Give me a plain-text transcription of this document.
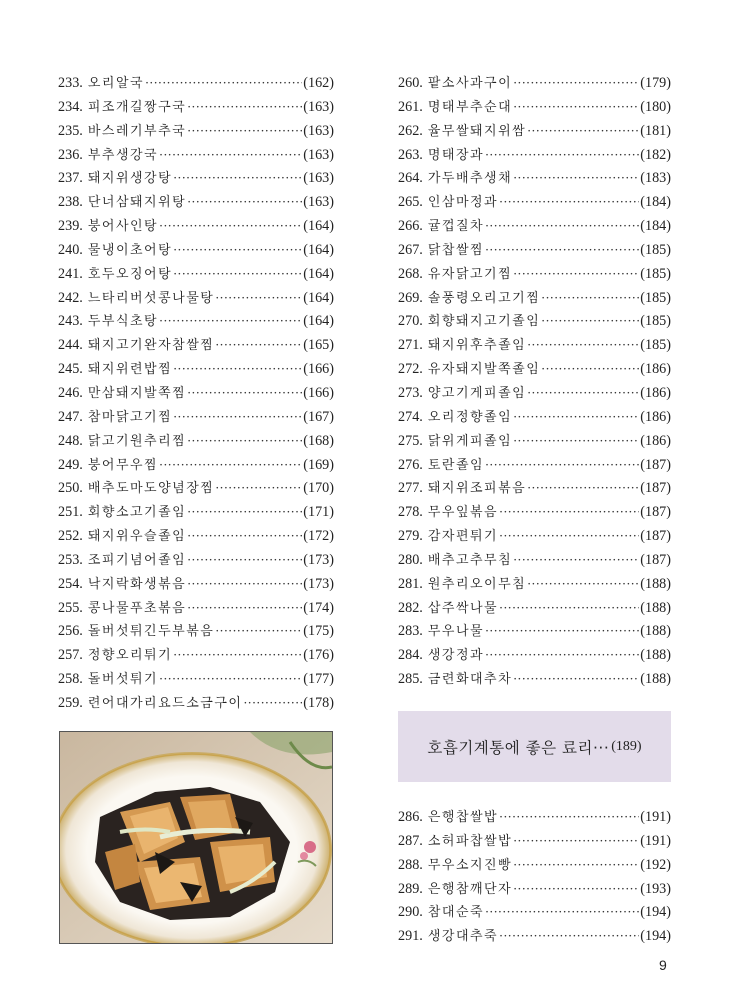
233. 오리알국 ·····	(162)
234. 피조개길짱구국 ·····	(163)
235. 바스레기부추국 ·····	(163)
236. 부추생강국 ·····	(163)
237. 돼지위생강탕 ·····	(163)
238. 단너삼돼지위탕 ·····	(163)
239. 붕어사인탕 ·····	(164)
240. 물냉이초어탕 ·····	(164)
241. 호두오징어탕 ·····	(164)
242. 느타리버섯콩나물탕 ·····	(164)
243. 두부식초탕 ·····	(164)
244. 돼지고기완자참쌀찜 ·····	(165)
245. 돼지위련밥찜 ·····	(166)
246. 만삼돼지발쪽찜 ·····	(166)
247. 참마닭고기찜 ·····	(167)
248. 닭고기원추리찜 ·····	(168)
249. 붕어무우찜 ·····	(169)
250. 배추도마도양념장찜 ·····	(170)
251. 회향소고기졸임 ·····	(171)
252. 돼지위우슬졸임 ·····	(172)
253. 조피기념어졸임 ·····	(173)
254. 낙지락화생볶음 ·····	(173)
255. 콩나물푸초볶음 ·····	(174)
256. 돌버섯튀긴두부볶음 ·····	(175)
257. 정향오리튀기 ·····	(176)
258. 돌버섯튀기 ·····	(177)
259. 련어대가리요드소금구이 ·····	(178)
260. 팥소사과구이 ·····	(179)
261. 명태부추순대 ·····	(180)
262. 율무쌀돼지위쌈 ·····	(181)
263. 명태장과 ·····	(182)
264. 가두배추생채 ·····	(183)
265. 인삼마정과 ·····	(184)
266. 귤껍질차 ·····	(184)
267. 닭찹쌀찜 ·····	(185)
268. 유자닭고기찜 ·····	(185)
269. 솔풍령오리고기찜 ·····	(185)
270. 회향돼지고기졸임 ·····	(185)
271. 돼지위후추졸임 ·····	(185)
272. 유자돼지발쪽졸임 ·····	(186)
273. 양고기게피졸임 ·····	(186)
274. 오리정향졸임 ·····	(186)
275. 닭위게피졸임 ·····	(186)
276. 토란졸임 ·····	(187)
277. 돼지위조피볶음 ·····	(187)
278. 무우잎볶음 ·····	(187)
279. 감자편튀기 ·····	(187)
280. 배추고추무침 ·····	(187)
281. 원추리오이무침 ·····	(188)
282. 삽주싹나물 ·····	(188)
283. 무우나물 ·····	(188)
284. 생강정과 ·····	(188)
285. 금련화대추차 ·····	(188)
호흡기계통에 좋은 료리··· (189)
286. 은행찹쌀밥 ·····	(191)
287. 소허파찹쌀밥 ·····	(191)
288. 무우소지진빵 ·····	(192)
289. 은행참깨단자 ·····	(193)
290. 참대순죽 ·····	(194)
291. 생강대추죽 ·····	(194)
9
